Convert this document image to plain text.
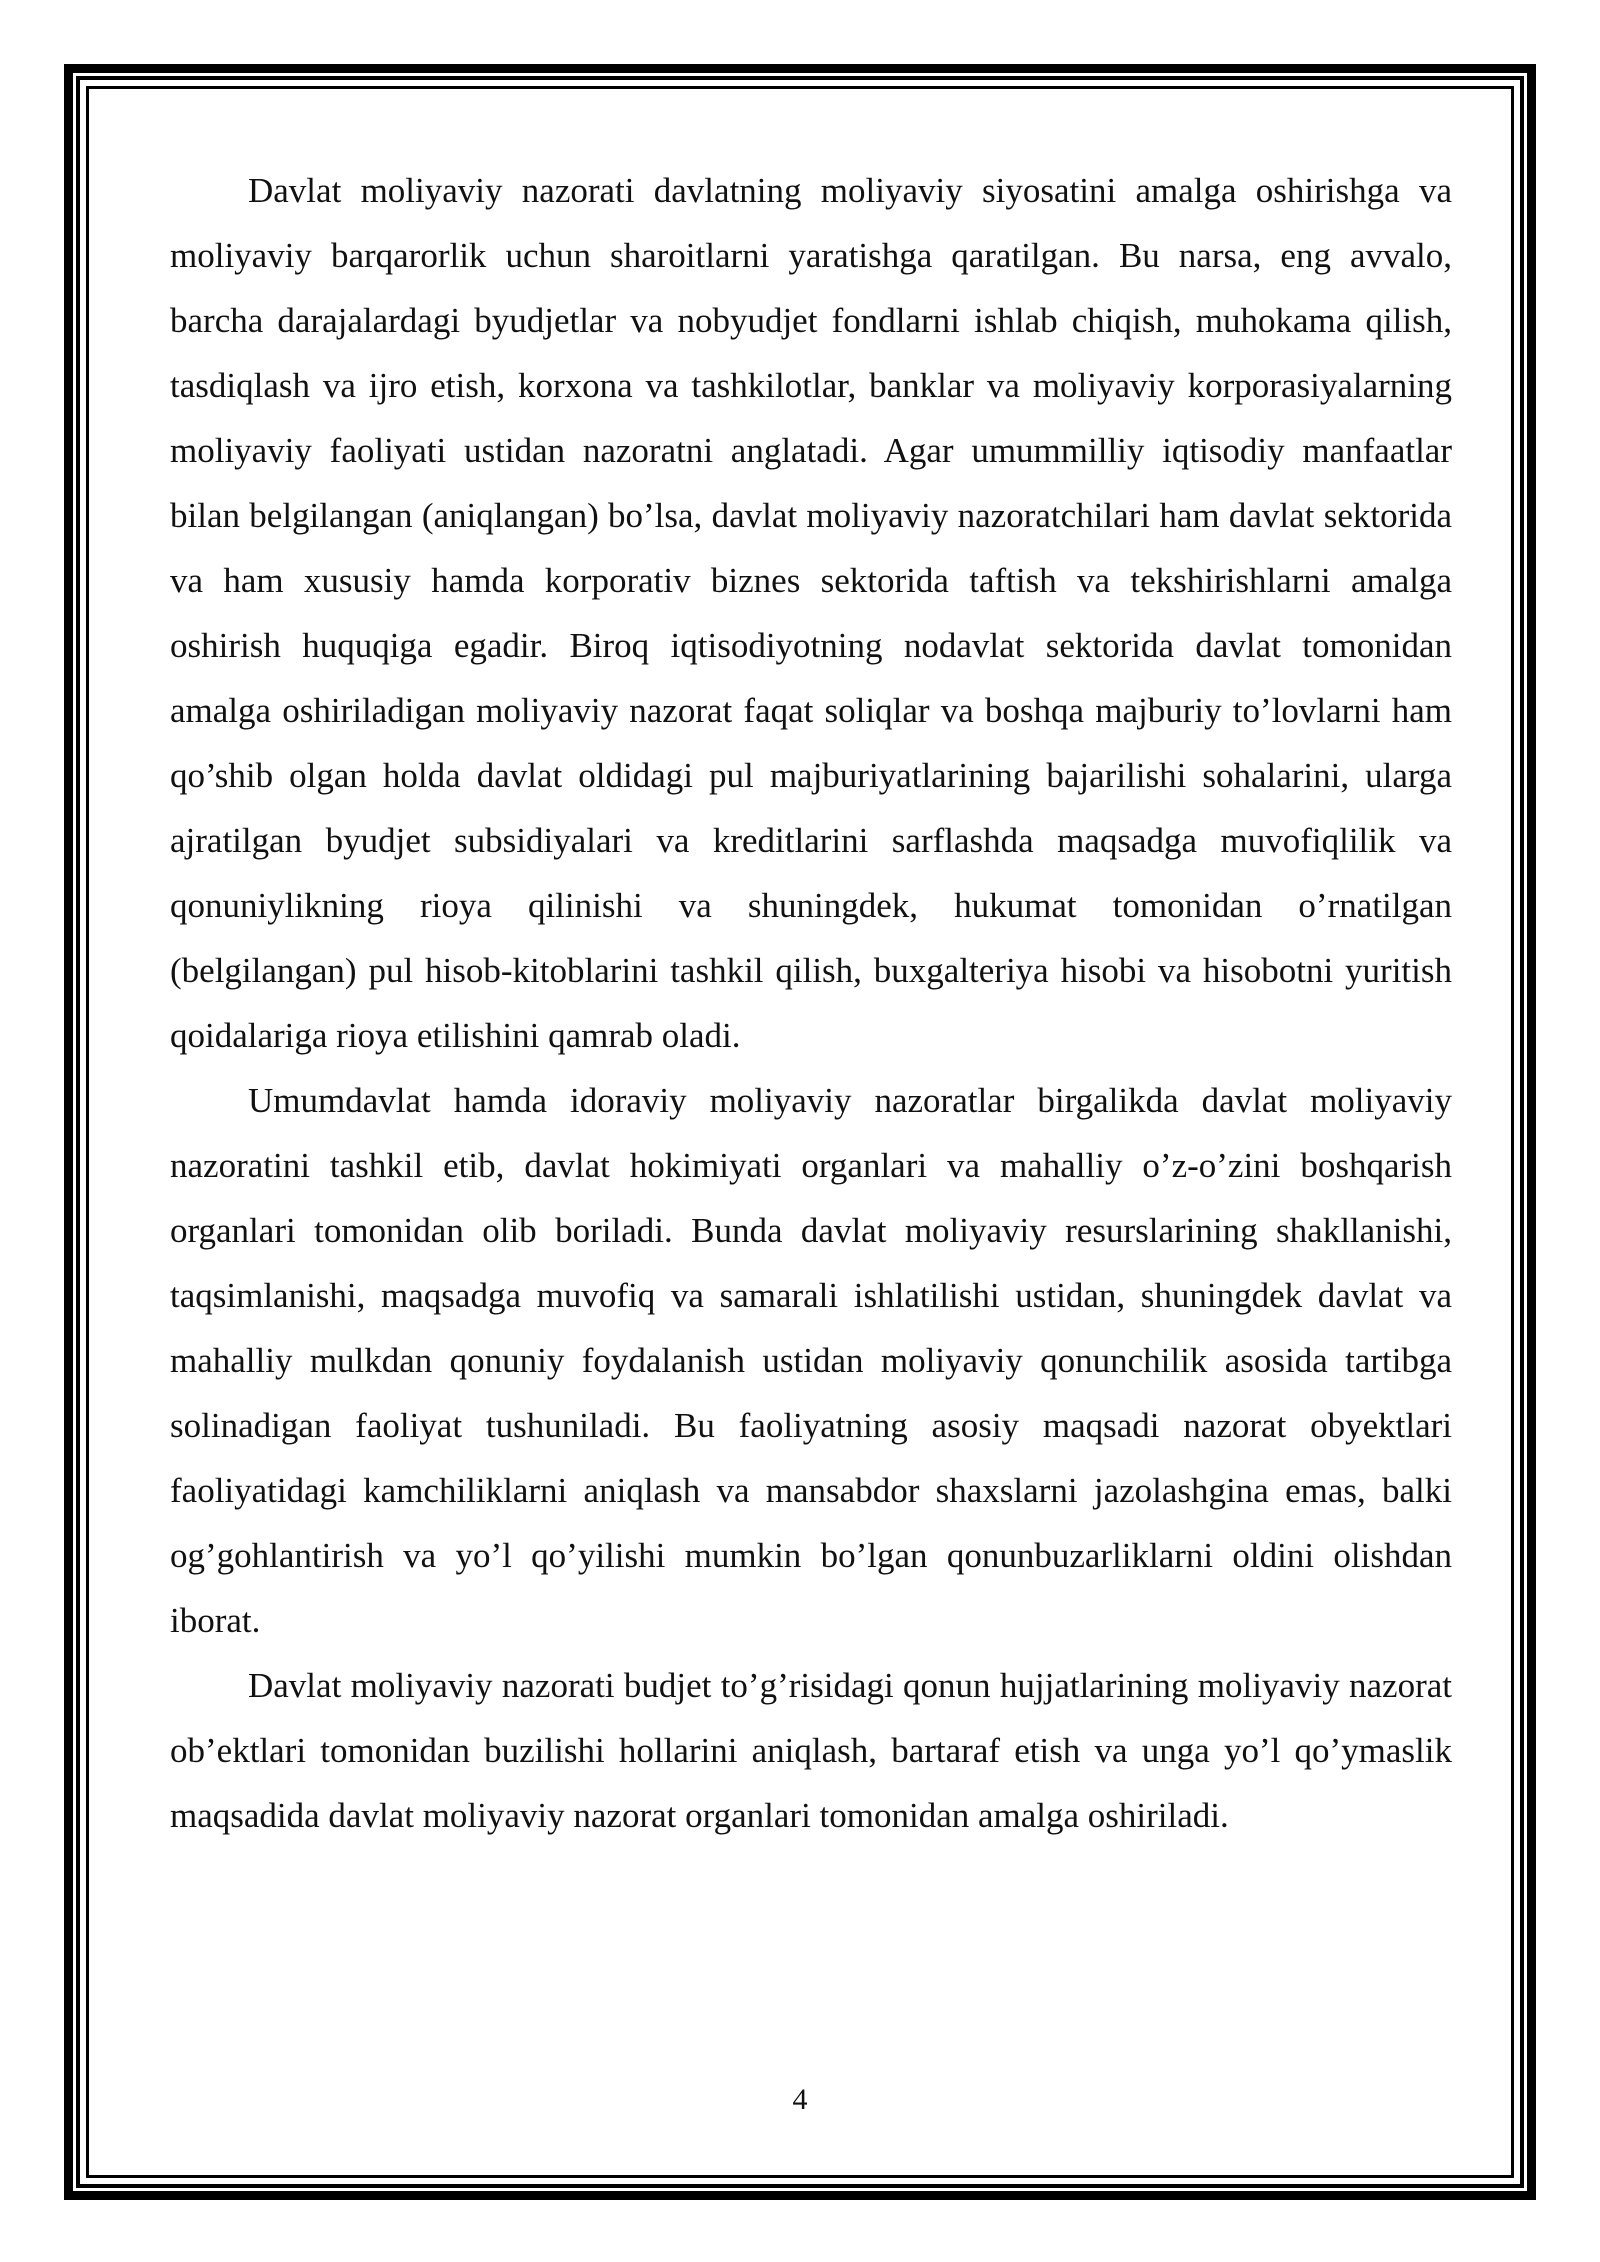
Davlat moliyaviy nazorati davlatning moliyaviy siyosatini amalga oshirishga va moliyaviy barqarorlik uchun sharoitlarni yaratishga qaratilgan. Bu narsa, eng avvalo, barcha darajalardagi byudjetlar va nobyudjet fondlarni ishlab chiqish, muhokama qilish, tasdiqlash va ijro etish, korxona va tashkilotlar, banklar va moliyaviy korporasiyalarning moliyaviy faoliyati ustidan nazoratni anglatadi. Agar umummilliy iqtisodiy manfaatlar bilan belgilangan (aniqlangan) bo’lsa, davlat moliyaviy nazoratchilari ham davlat sektorida va ham xususiy hamda korporativ biznes sektorida taftish va tekshirishlarni amalga oshirish huquqiga egadir. Biroq iqtisodiyotning nodavlat sektorida davlat tomonidan amalga oshiriladigan moliyaviy nazorat faqat soliqlar va boshqa majburiy to’lovlarni ham qo’shib olgan holda davlat oldidagi pul majburiyatlarining bajarilishi sohalarini, ularga ajratilgan byudjet subsidiyalari va kreditlarini sarflashda maqsadga muvofiqlilik va qonuniylikning rioya qilinishi va shuningdek, hukumat tomonidan o’rnatilgan (belgilangan) pul hisob-kitoblarini tashkil qilish, buxgalteriya hisobi va hisobotni yuritish qoidalariga rioya etilishini qamrab oladi.

Umumdavlat hamda idoraviy moliyaviy nazoratlar birgalikda davlat moliyaviy nazoratini tashkil etib, davlat hokimiyati organlari va mahalliy o’z-o’zini boshqarish organlari tomonidan olib boriladi. Bunda davlat moliyaviy resurslarining shakllanishi, taqsimlanishi, maqsadga muvofiq va samarali ishlatilishi ustidan, shuningdek davlat va mahalliy mulkdan qonuniy foydalanish ustidan moliyaviy qonunchilik asosida tartibga solinadigan faoliyat tushuniladi. Bu faoliyatning asosiy maqsadi nazorat obyektlari faoliyatidagi kamchiliklarni aniqlash va mansabdor shaxslarni jazolashgina emas, balki og’gohlantirish va yo’l qo’yilishi mumkin bo’lgan qonunbuzarliklarni oldini olishdan iborat.

Davlat moliyaviy nazorati budjet to’g’risidagi qonun hujjatlarining moliyaviy nazorat ob’ektlari tomonidan buzilishi hollarini aniqlash, bartaraf etish va unga yo’l qo’ymaslik maqsadida davlat moliyaviy nazorat organlari tomonidan amalga oshiriladi.

4
